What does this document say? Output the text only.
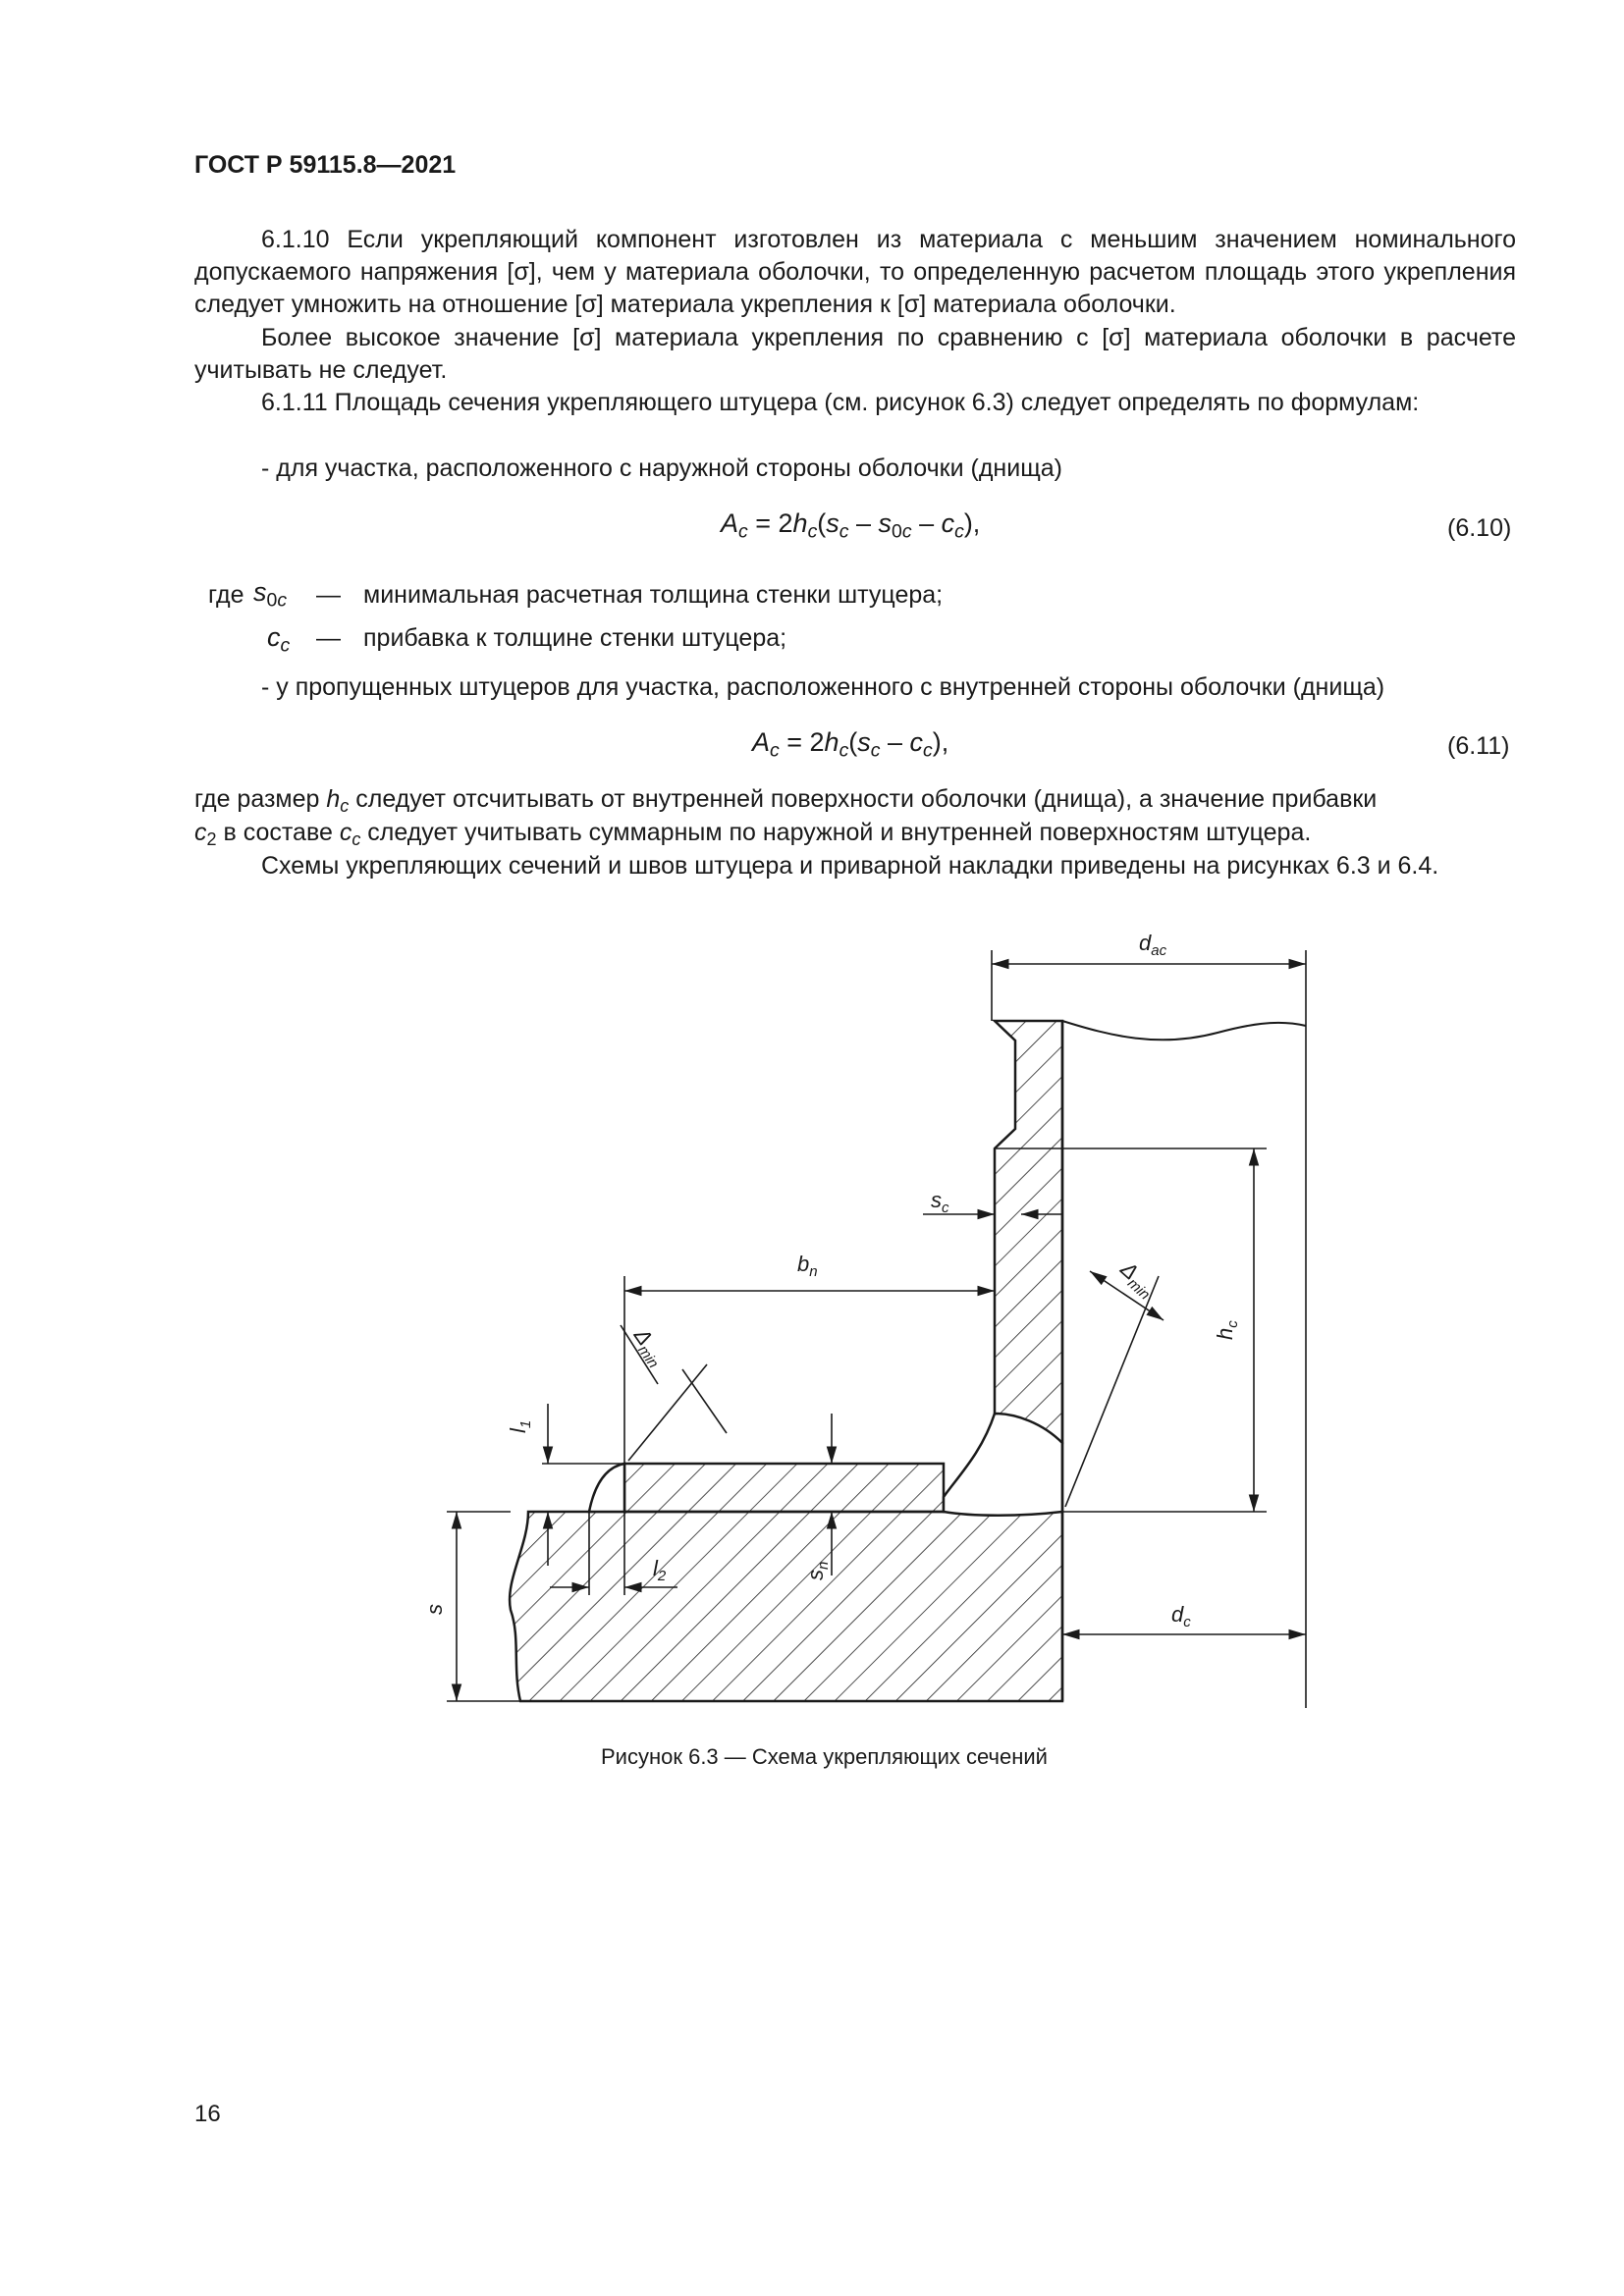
ГОСТ Р 59115.8—2021
6.1.10 Если укрепляющий компонент изготовлен из материала с меньшим значением номинального допускаемого напряжения [σ], чем у материала оболочки, то определенную расчетом площадь этого укрепления следует умножить на отношение [σ] материала укрепления к [σ] материала оболочки.
Более высокое значение [σ] материала укрепления по сравнению с [σ] материала оболочки в расчете учитывать не следует.
6.1.11 Площадь сечения укрепляющего штуцера (см. рисунок 6.3) следует определять по формулам:
- для участка, расположенного с наружной стороны оболочки (днища)
$A_c = 2h_c(s_c - s_{0c} - c_c)$,	(6.10)
где $s_{0c}$ — минимальная расчетная толщина стенки штуцера;
$c_c$ — прибавка к толщине стенки штуцера;
- у пропущенных штуцеров для участка, расположенного с внутренней стороны оболочки (днища)
$A_c = 2h_c(s_c - c_c)$,	(6.11)
где размер $h_c$ следует отсчитывать от внутренней поверхности оболочки (днища), а значение прибавки
$c_2$ в составе $c_c$ следует учитывать суммарным по наружной и внутренней поверхностям штуцера.
Схемы укрепляющих сечений и швов штуцера и приварной накладки приведены на рисунках 6.3 и 6.4.
$d_{ac}$
$s_c$
$b_n$	$\Delta_{min}$
$h_c$
$\Delta_{min}$
$l_1$
$l_2$	$s_n$
s	$d_c$
Рисунок 6.3 — Схема укрепляющих сечений
16
